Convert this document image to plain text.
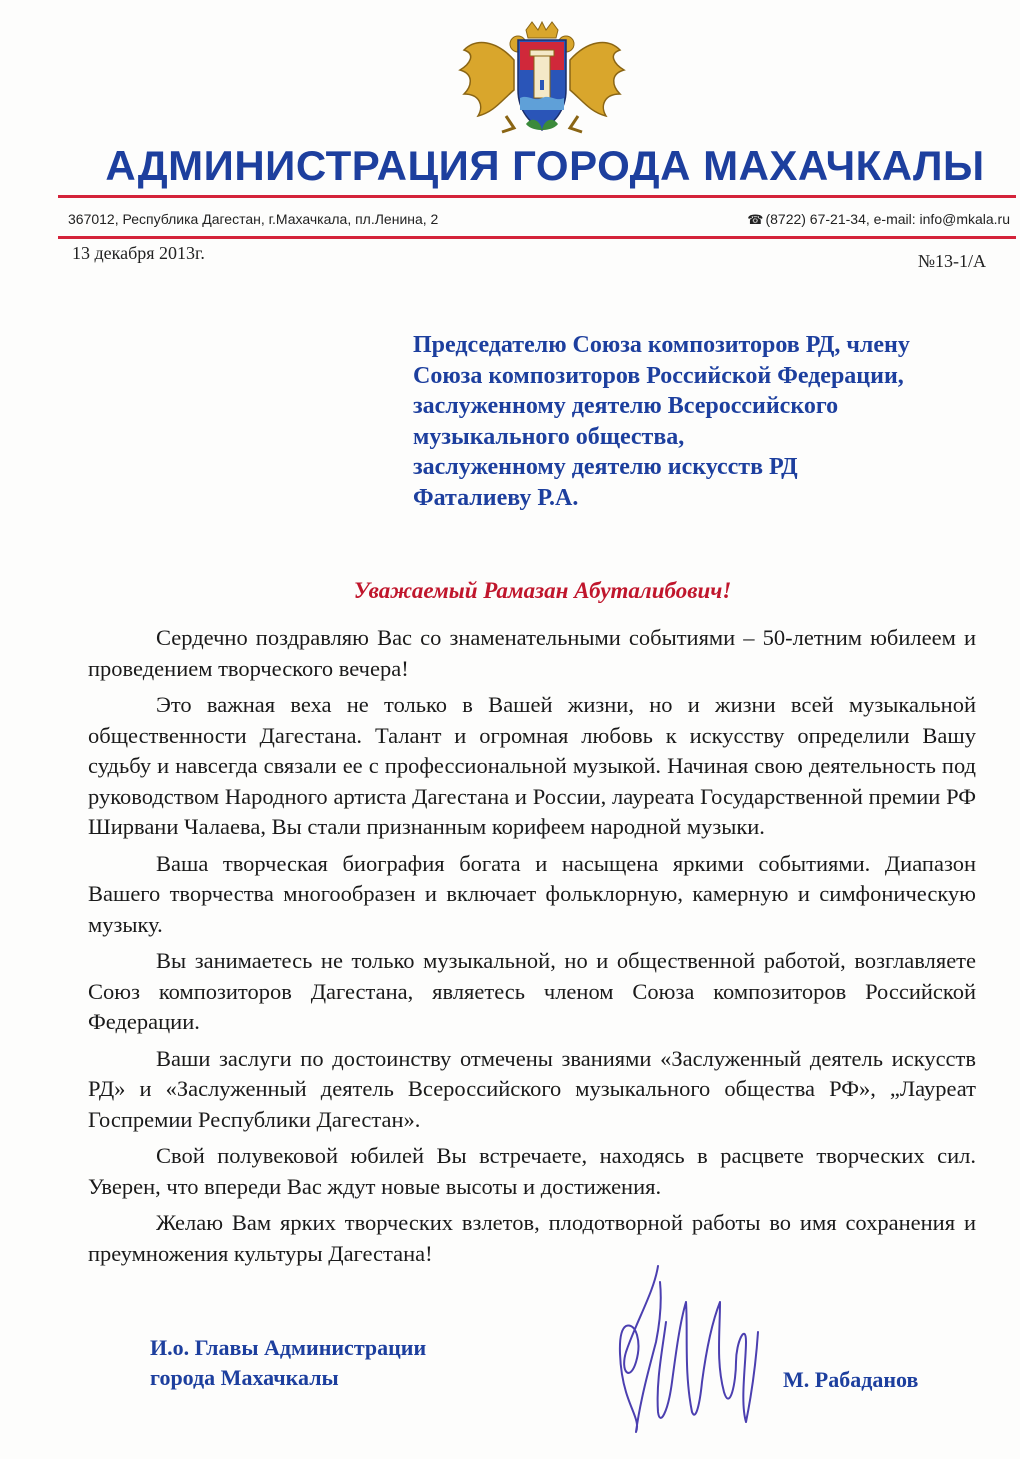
АДМИНИСТРАЦИЯ ГОРОДА МАХАЧКАЛЫ
367012, Республика Дагестан, г.Махачкала, пл.Ленина, 2	☎ (8722) 67-21-34, e-mail: info@mkala.ru
13 декабря 2013г.	№13-1/А
Председателю Союза композиторов РД, члену
Союза композиторов Российской Федерации,
заслуженному деятелю Всероссийского
музыкального общества,
заслуженному деятелю искусств РД
Фаталиеву Р.А.
Уважаемый Рамазан Абуталибович!

Сердечно поздравляю Вас со знаменательными событиями – 50-летним юбилеем и проведением творческого вечера!

Это важная веха не только в Вашей жизни, но и жизни всей музыкальной общественности Дагестана. Талант и огромная любовь к искусству определили Вашу судьбу и навсегда связали ее с профессиональной музыкой. Начиная свою деятельность под руководством Народного артиста Дагестана и России, лауреата Государственной премии РФ Ширвани Чалаева, Вы стали признанным корифеем народной музыки.

Ваша творческая биография богата и насыщена яркими событиями. Диапазон Вашего творчества многообразен и включает фольклорную, камерную и симфоническую музыку.

Вы занимаетесь не только музыкальной, но и общественной работой, возглавляете Союз композиторов Дагестана, являетесь членом Союза композиторов Российской Федерации.

Ваши заслуги по достоинству отмечены званиями «Заслуженный деятель искусств РД» и «Заслуженный деятель Всероссийского музыкального общества РФ», „Лауреат Госпремии Республики Дагестан».

Свой полувековой юбилей Вы встречаете, находясь в расцвете творческих сил. Уверен, что впереди Вас ждут новые высоты и достижения.

Желаю Вам ярких творческих взлетов, плодотворной работы во имя сохранения и преумножения культуры Дагестана!

И.о. Главы Администрации
города Махачкалы	М. Рабаданов
